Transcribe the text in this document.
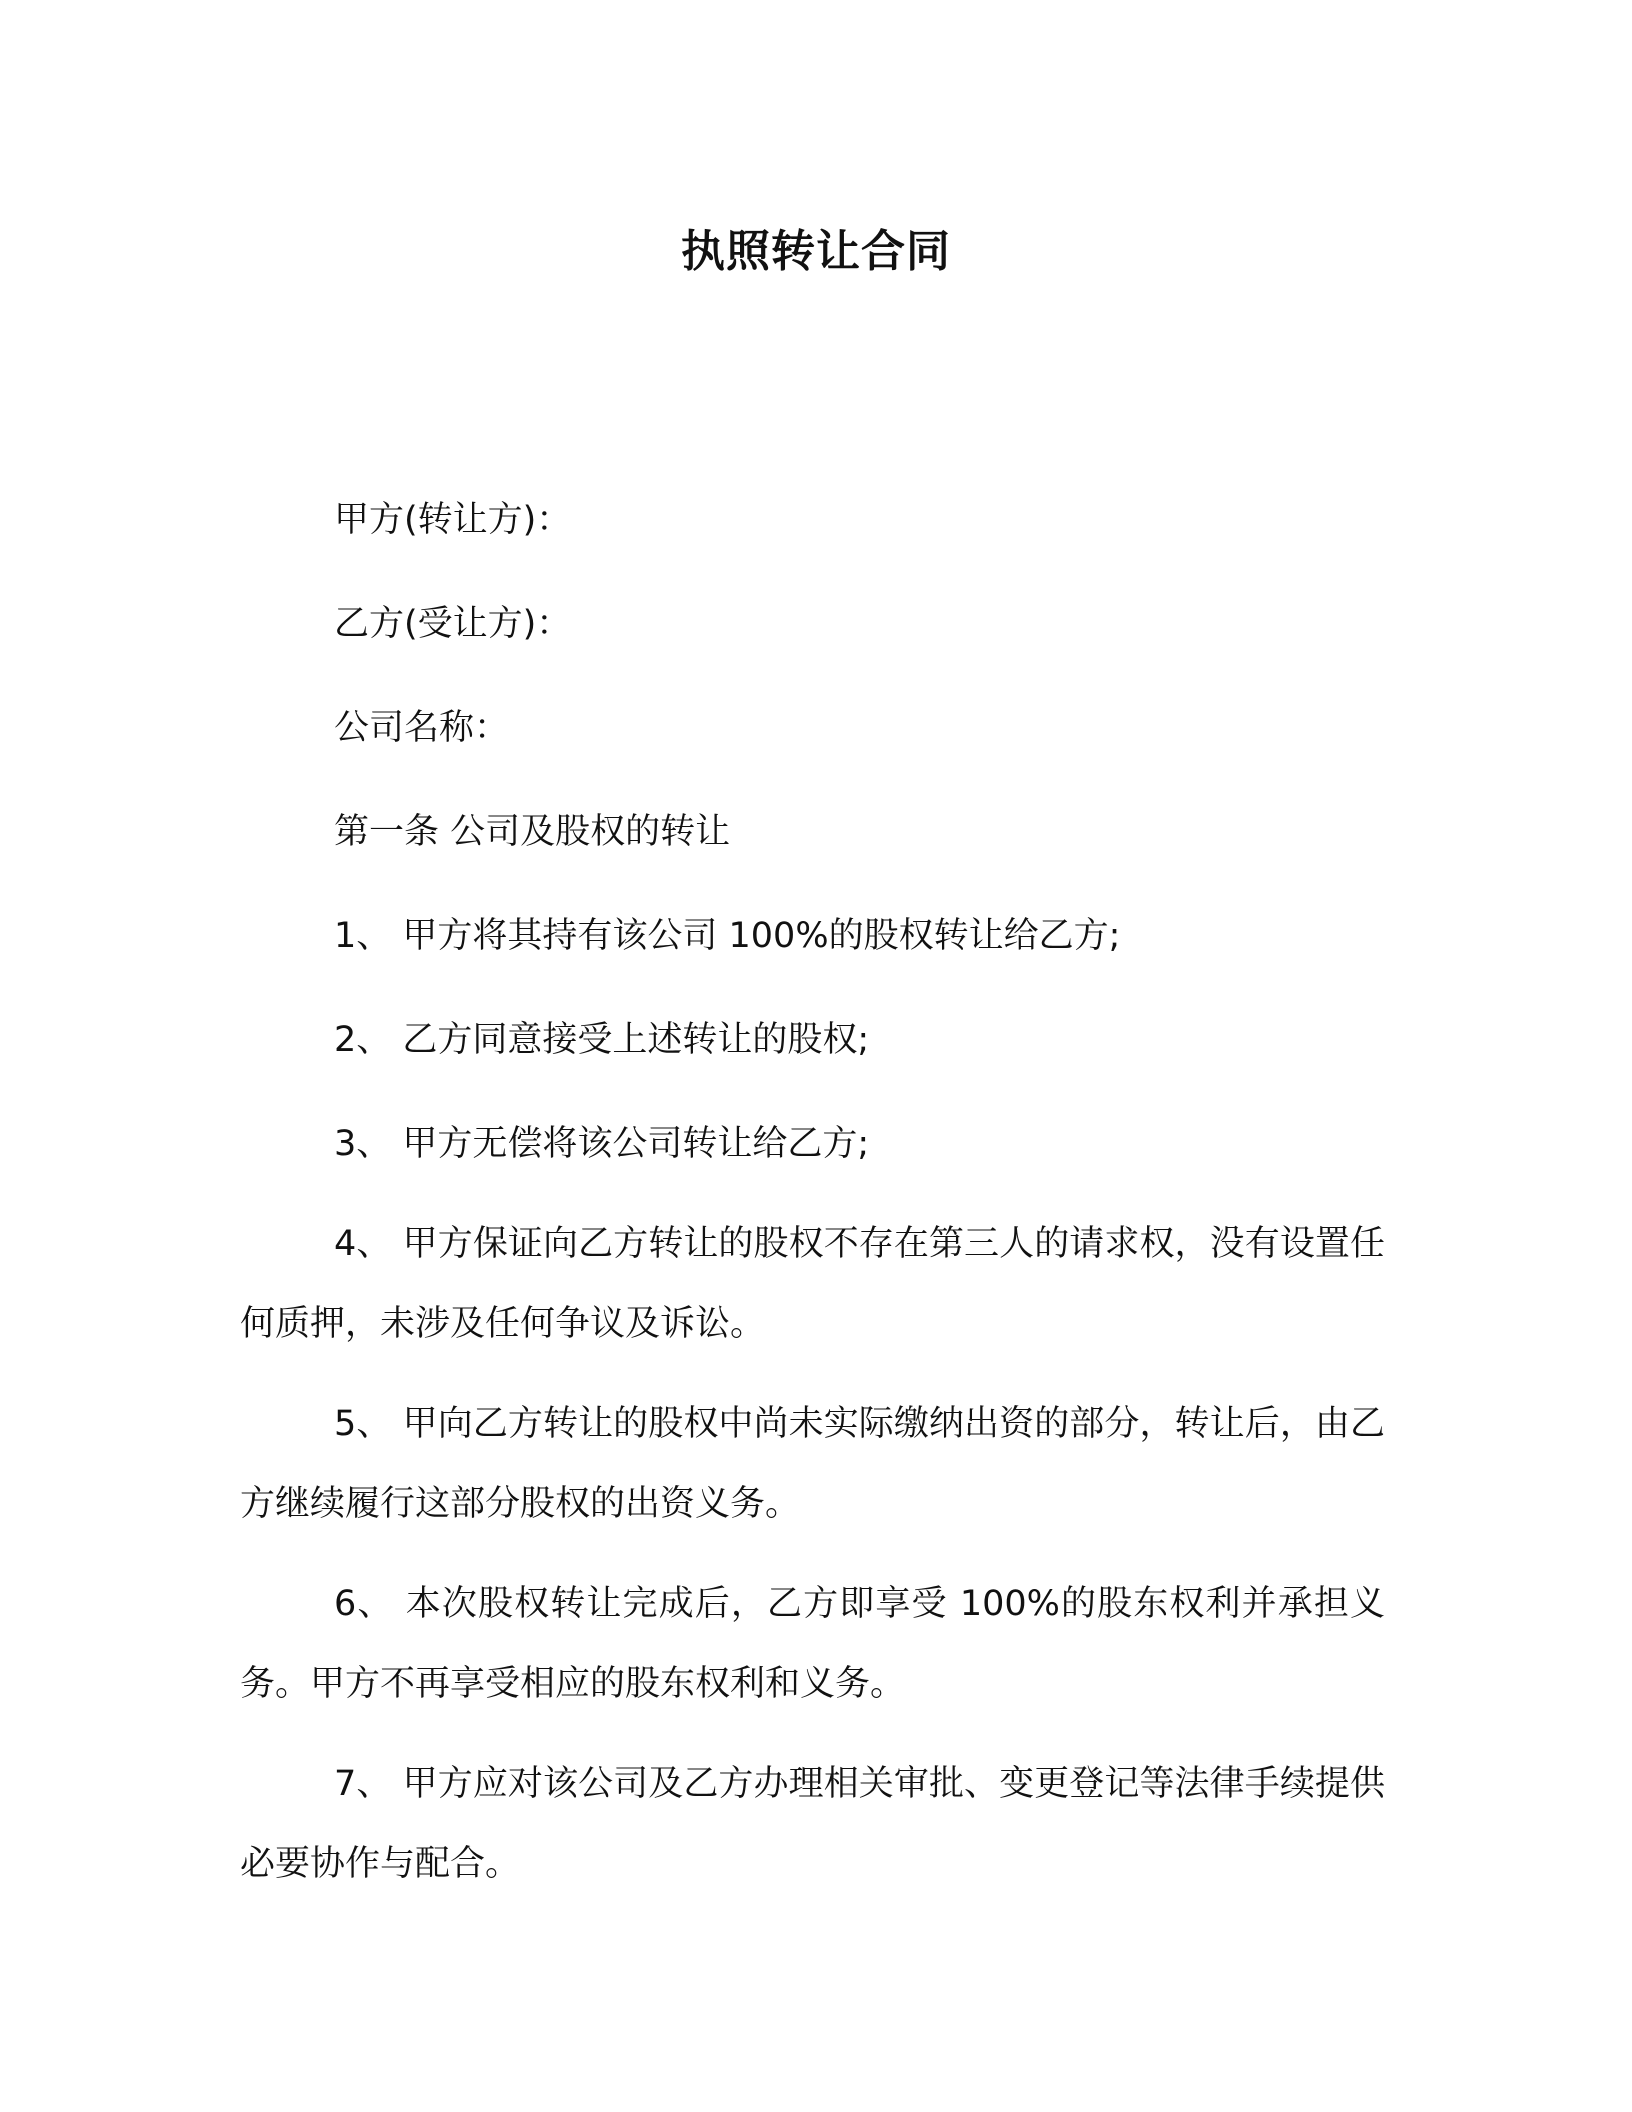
执照转让合同
甲方(转让方)：
乙方(受让方)：
公司名称：
第一条 公司及股权的转让
1、 甲方将其持有该公司 100%的股权转让给乙方;
2、 乙方同意接受上述转让的股权;
3、 甲方无偿将该公司转让给乙方;
4、 甲方保证向乙方转让的股权不存在第三人的请求权，没有设置任何质押，未涉及任何争议及诉讼。
5、 甲向乙方转让的股权中尚未实际缴纳出资的部分，转让后，由乙方继续履行这部分股权的出资义务。
6、 本次股权转让完成后，乙方即享受 100%的股东权利并承担义务。甲方不再享受相应的股东权利和义务。
7、 甲方应对该公司及乙方办理相关审批、变更登记等法律手续提供必要协作与配合。
